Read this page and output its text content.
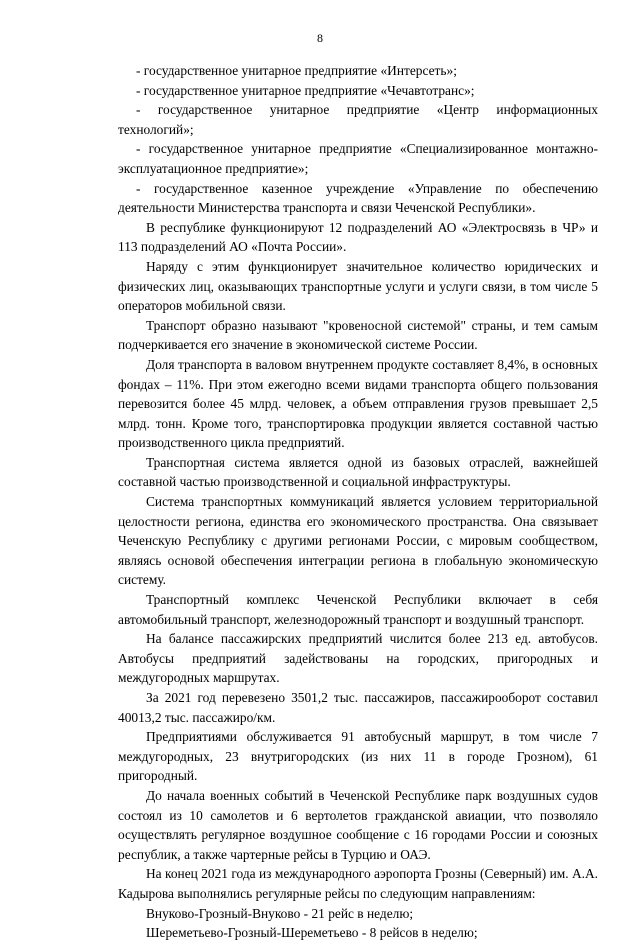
8

- государственное унитарное предприятие «Интерсеть»;

- государственное унитарное предприятие «Чечавтотранс»;

- государственное унитарное предприятие «Центр информационных технологий»;

- государственное унитарное предприятие «Специализированное монтажно-эксплуатационное предприятие»;

- государственное казенное учреждение «Управление по обеспечению деятельности Министерства транспорта и связи Чеченской Республики».

В республике функционируют 12 подразделений АО «Электросвязь в ЧР» и 113 подразделений АО «Почта России».

Наряду с этим функционирует значительное количество юридических и физических лиц, оказывающих транспортные услуги и услуги связи, в том числе 5 операторов мобильной связи.

Транспорт образно называют "кровеносной системой" страны, и тем самым подчеркивается его значение в экономической системе России.

Доля транспорта в валовом внутреннем продукте составляет 8,4%, в основных фондах – 11%. При этом ежегодно всеми видами транспорта общего пользования перевозится более 45 млрд. человек, а объем отправления грузов превышает 2,5 млрд. тонн. Кроме того, транспортировка продукции является составной частью производственного цикла предприятий.

Транспортная система является одной из базовых отраслей, важнейшей составной частью производственной и социальной инфраструктуры.

Система транспортных коммуникаций является условием территориальной целостности региона, единства его экономического пространства. Она связывает Чеченскую Республику с другими регионами России, с мировым сообществом, являясь основой обеспечения интеграции региона в глобальную экономическую систему.

Транспортный комплекс Чеченской Республики включает в себя автомобильный транспорт, железнодорожный транспорт и воздушный транспорт.

На балансе пассажирских предприятий числится более 213 ед. автобусов. Автобусы предприятий задействованы на городских, пригородных и междугородных маршрутах.

За 2021 год перевезено 3501,2 тыс. пассажиров, пассажирооборот составил 40013,2 тыс. пассажиро/км.

Предприятиями обслуживается 91 автобусный маршрут, в том числе 7 междугородных, 23 внутригородских (из них 11 в городе Грозном), 61 пригородный.

До начала военных событий в Чеченской Республике парк воздушных судов состоял из 10 самолетов и 6 вертолетов гражданской авиации, что позволяло осуществлять регулярное воздушное сообщение с 16 городами России и союзных республик, а также чартерные рейсы в Турцию и ОАЭ.

На конец 2021 года из международного аэропорта Грозны (Северный) им. А.А. Кадырова выполнялись регулярные рейсы по следующим направлениям:

Внуково-Грозный-Внуково - 21 рейс в неделю;

Шереметьево-Грозный-Шереметьево - 8 рейсов в неделю;
